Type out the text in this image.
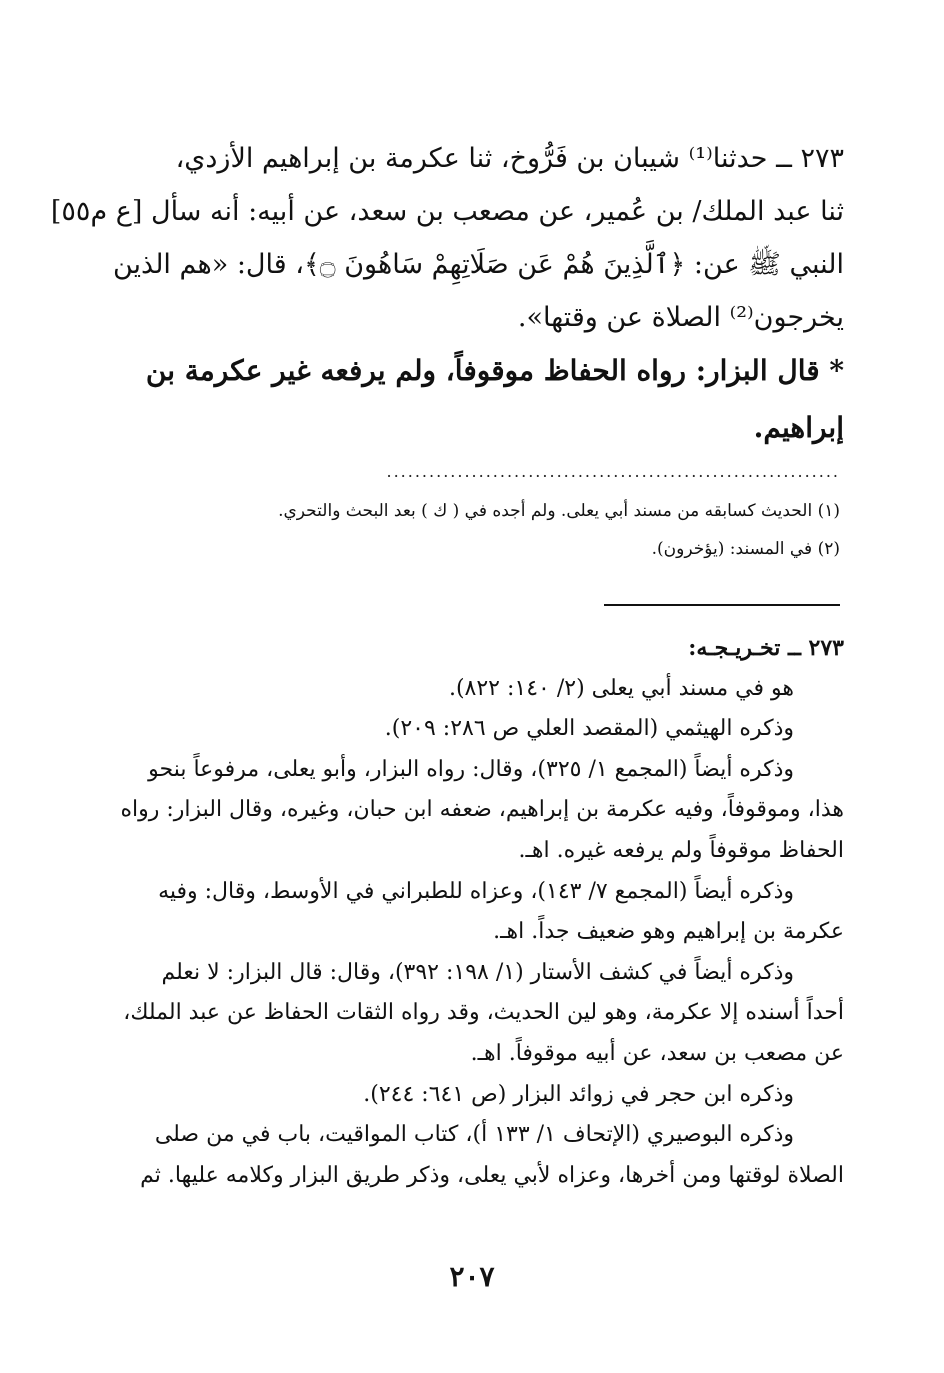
٢٧٣ ــ حدثنا⁽¹⁾ شيبان بن فَرُّوخ، ثنا عكرمة بن إبراهيم الأزدي،
ثنا عبد الملك/ بن عُمير، عن مصعب بن سعد، عن أبيه: أنه سأل [ع م٥٥]
النبي ﷺ عن: ﴿ٱلَّذِينَ هُمْ عَن صَلَاتِهِمْ سَاهُونَ ۝﴾، قال: «هم الذين
يخرجون⁽²⁾ الصلاة عن وقتها».
* قال البزار: رواه الحفاظ موقوفاً، ولم يرفعه غير عكرمة بن
إبراهيم.
................................................................
(١) الحديث كسابقه من مسند أبي يعلى. ولم أجده في ( ك ) بعد البحث والتحري.
(٢) في المسند: (يؤخرون).
٢٧٣ ــ تخـريـجـه:
هو في مسند أبي يعلى (٢/ ١٤٠: ٨٢٢).
وذكره الهيثمي (المقصد العلي ص ٢٨٦: ٢٠٩).
وذكره أيضاً (المجمع ١/ ٣٢٥)، وقال: رواه البزار، وأبو يعلى، مرفوعاً بنحو
هذا، وموقوفاً، وفيه عكرمة بن إبراهيم، ضعفه ابن حبان، وغيره، وقال البزار: رواه
الحفاظ موقوفاً ولم يرفعه غيره. اهـ.
وذكره أيضاً (المجمع ٧/ ١٤٣)، وعزاه للطبراني في الأوسط، وقال: وفيه
عكرمة بن إبراهيم وهو ضعيف جداً. اهـ.
وذكره أيضاً في كشف الأستار (١/ ١٩٨: ٣٩٢)، وقال: قال البزار: لا نعلم
أحداً أسنده إلا عكرمة، وهو لين الحديث، وقد رواه الثقات الحفاظ عن عبد الملك،
عن مصعب بن سعد، عن أبيه موقوفاً. اهـ.
وذكره ابن حجر في زوائد البزار (ص ٦٤١: ٢٤٤).
وذكره البوصيري (الإتحاف ١/ ١٣٣ أ)، كتاب المواقيت، باب في من صلى
الصلاة لوقتها ومن أخرها، وعزاه لأبي يعلى، وذكر طريق البزار وكلامه عليها. ثم
٢٠٧
